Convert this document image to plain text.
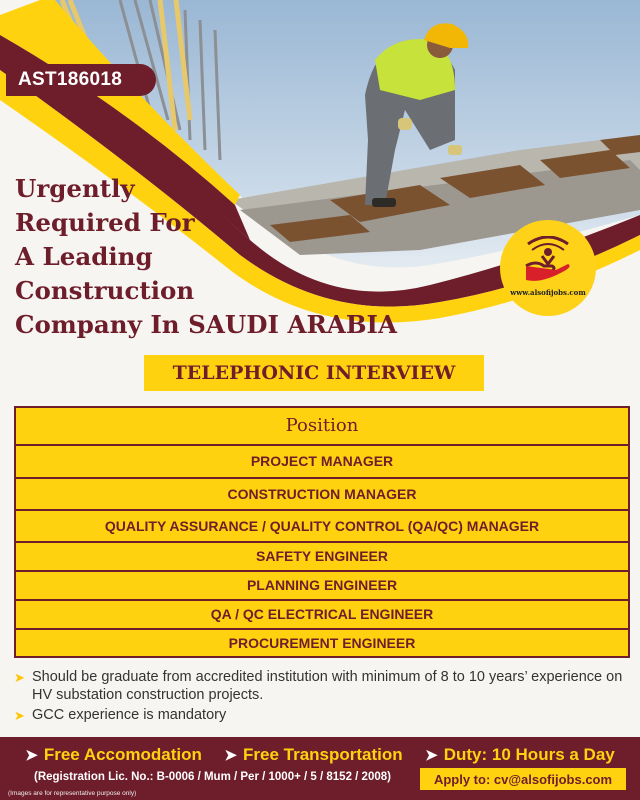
AST186018
Urgently
Required For
A Leading
Construction
Company In SAUDI ARABIA
www.alsofijobs.com
TELEPHONIC INTERVIEW
Position
PROJECT MANAGER
CONSTRUCTION MANAGER
QUALITY ASSURANCE / QUALITY CONTROL (QA/QC) MANAGER
SAFETY ENGINEER
PLANNING ENGINEER
QA / QC ELECTRICAL ENGINEER
PROCUREMENT ENGINEER
➤ Should be graduate from accredited institution with minimum of 8 to 10 years’ experience on HV substation construction projects.
➤ GCC experience is mandatory
➤ Free Accomodation ➤ Free Transportation ➤ Duty: 10 Hours a Day
(Registration Lic. No.: B-0006 / Mum / Per / 1000+ / 5 / 8152 / 2008)	Apply to: cv@alsofijobs.com
(Images are for representative purpose only)
